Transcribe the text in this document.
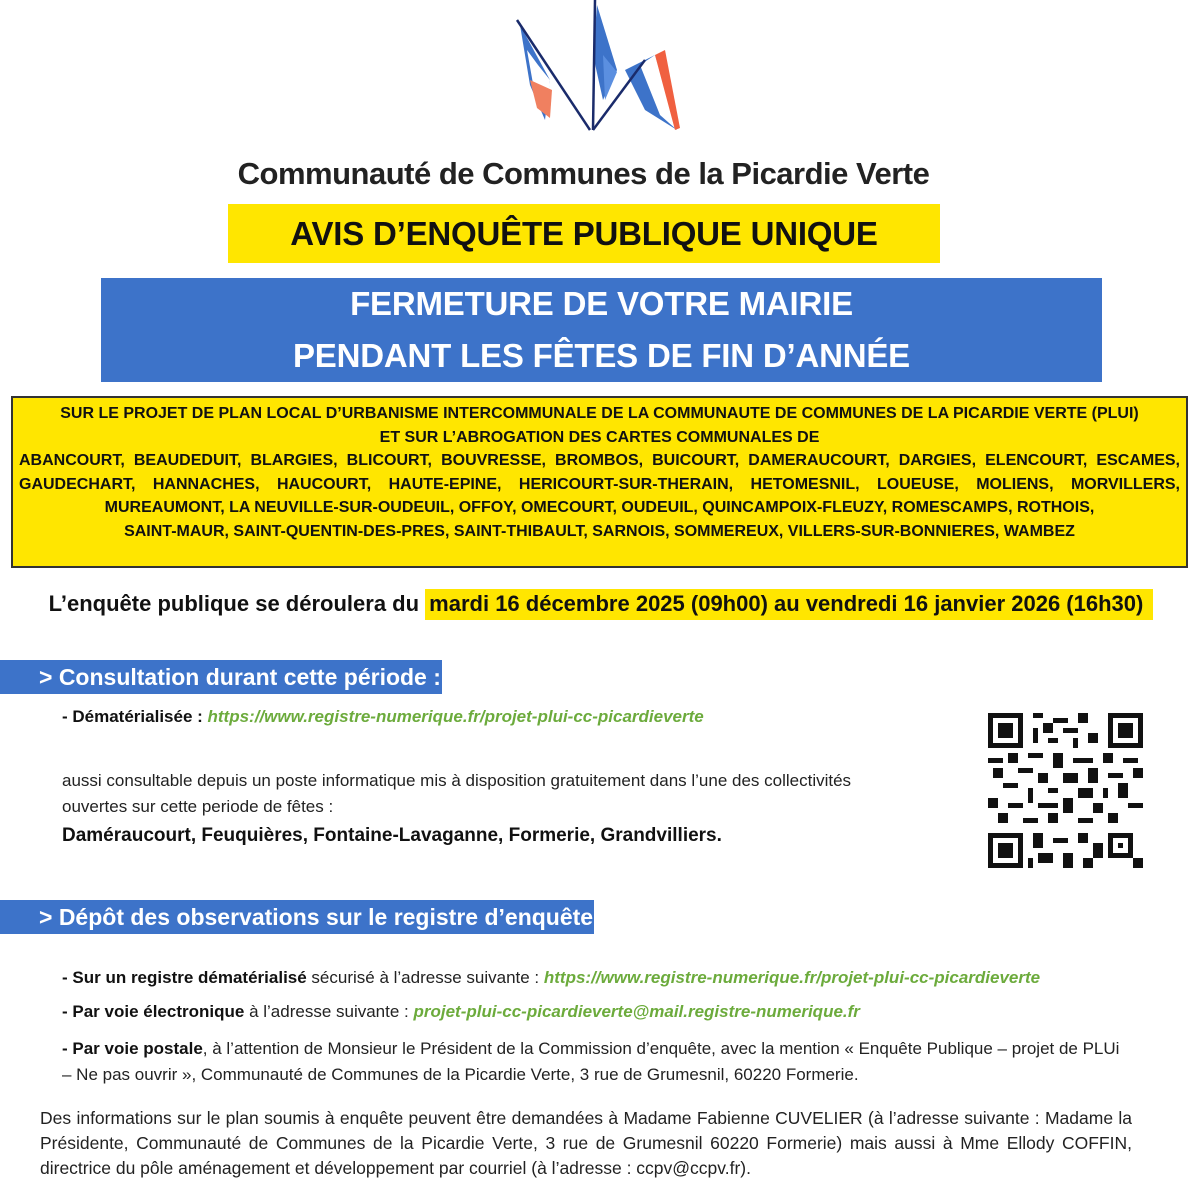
Communauté de Communes de la Picardie Verte
AVIS D’ENQUÊTE PUBLIQUE UNIQUE
FERMETURE DE VOTRE MAIRIE
PENDANT LES FÊTES DE FIN D’ANNÉE
SUR LE PROJET DE PLAN LOCAL D’URBANISME INTERCOMMUNALE DE LA COMMUNAUTE DE COMMUNES DE LA PICARDIE VERTE (PLUI)
ET SUR L’ABROGATION DES CARTES COMMUNALES DE
ABANCOURT, BEAUDEDUIT, BLARGIES, BLICOURT, BOUVRESSE, BROMBOS, BUICOURT, DAMERAUCOURT, DARGIES, ELENCOURT, ESCAMES,
GAUDECHART, HANNACHES, HAUCOURT, HAUTE-EPINE, HERICOURT-SUR-THERAIN, HETOMESNIL, LOUEUSE, MOLIENS, MORVILLERS,
MUREAUMONT, LA NEUVILLE-SUR-OUDEUIL, OFFOY, OMECOURT, OUDEUIL, QUINCAMPOIX-FLEUZY, ROMESCAMPS, ROTHOIS,
SAINT-MAUR, SAINT-QUENTIN-DES-PRES, SAINT-THIBAULT, SARNOIS, SOMMEREUX, VILLERS-SUR-BONNIERES, WAMBEZ
L’enquête publique se déroulera du mardi 16 décembre 2025 (09h00) au vendredi 16 janvier 2026 (16h30)
> Consultation durant cette période :
- Dématérialisée : https://www.registre-numerique.fr/projet-plui-cc-picardieverte
aussi consultable depuis un poste informatique mis à disposition gratuitement dans l’une des collectivités
ouvertes sur cette periode de fêtes :
Daméraucourt, Feuquières, Fontaine-Lavaganne, Formerie, Grandvilliers.
> Dépôt des observations sur le registre d’enquête :
- Sur un registre dématérialisé sécurisé à l’adresse suivante : https://www.registre-numerique.fr/projet-plui-cc-picardieverte
- Par voie électronique à l’adresse suivante : projet-plui-cc-picardieverte@mail.registre-numerique.fr
- Par voie postale, à l’attention de Monsieur le Président de la Commission d’enquête, avec la mention « Enquête Publique – projet de PLUi
– Ne pas ouvrir », Communauté de Communes de la Picardie Verte, 3 rue de Grumesnil, 60220 Formerie.
Des informations sur le plan soumis à enquête peuvent être demandées à Madame Fabienne CUVELIER (à l’adresse suivante : Madame la Présidente, Communauté de Communes de la Picardie Verte, 3 rue de Grumesnil 60220 Formerie) mais aussi à Mme Ellody COFFIN, directrice du pôle aménagement et développement par courriel (à l’adresse : ccpv@ccpv.fr).
